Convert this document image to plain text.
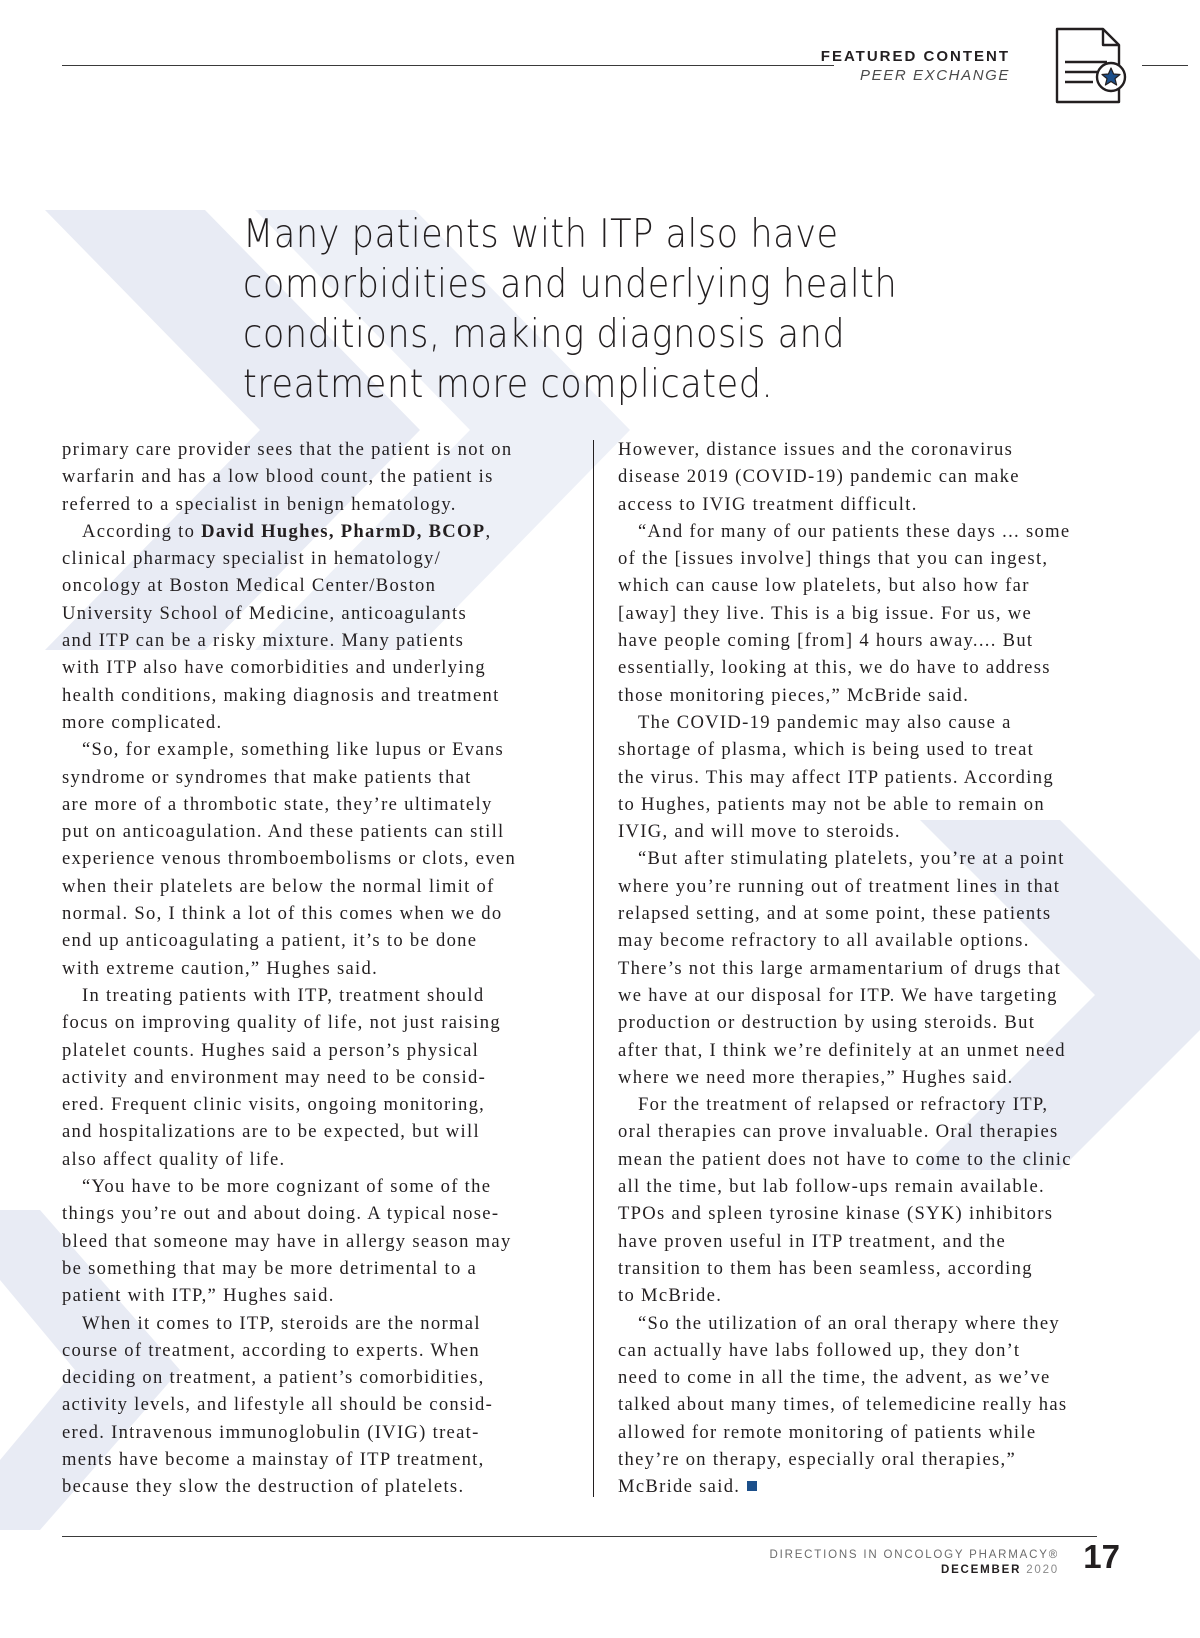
FEATURED CONTENT
PEER EXCHANGE
Many patients with ITP also have
comorbidities and underlying health
conditions, making diagnosis and
treatment more complicated.
primary care provider sees that the patient is not on
warfarin and has a low blood count, the patient is
referred to a specialist in benign hematology.
According to David Hughes, PharmD, BCOP,
clinical pharmacy specialist in hematology/
oncology at Boston Medical Center/Boston
University School of Medicine, anticoagulants
and ITP can be a risky mixture. Many patients
with ITP also have comorbidities and underlying
health conditions, making diagnosis and treatment
more complicated.
“So, for example, something like lupus or Evans
syndrome or syndromes that make patients that
are more of a thrombotic state, they’re ultimately
put on anticoagulation. And these patients can still
experience venous thromboembolisms or clots, even
when their platelets are below the normal limit of
normal. So, I think a lot of this comes when we do
end up anticoagulating a patient, it’s to be done
with extreme caution,” Hughes said.
In treating patients with ITP, treatment should
focus on improving quality of life, not just raising
platelet counts. Hughes said a person’s physical
activity and environment may need to be consid-
ered. Frequent clinic visits, ongoing monitoring,
and hospitalizations are to be expected, but will
also affect quality of life.
“You have to be more cognizant of some of the
things you’re out and about doing. A typical nose-
bleed that someone may have in allergy season may
be something that may be more detrimental to a
patient with ITP,” Hughes said.
When it comes to ITP, steroids are the normal
course of treatment, according to experts. When
deciding on treatment, a patient’s comorbidities,
activity levels, and lifestyle all should be consid-
ered. Intravenous immunoglobulin (IVIG) treat-
ments have become a mainstay of ITP treatment,
because they slow the destruction of platelets.
However, distance issues and the coronavirus
disease 2019 (COVID-19) pandemic can make
access to IVIG treatment difficult.
“And for many of our patients these days ... some
of the [issues involve] things that you can ingest,
which can cause low platelets, but also how far
[away] they live. This is a big issue. For us, we
have people coming [from] 4 hours away.... But
essentially, looking at this, we do have to address
those monitoring pieces,” McBride said.
The COVID-19 pandemic may also cause a
shortage of plasma, which is being used to treat
the virus. This may affect ITP patients. According
to Hughes, patients may not be able to remain on
IVIG, and will move to steroids.
“But after stimulating platelets, you’re at a point
where you’re running out of treatment lines in that
relapsed setting, and at some point, these patients
may become refractory to all available options.
There’s not this large armamentarium of drugs that
we have at our disposal for ITP. We have targeting
production or destruction by using steroids. But
after that, I think we’re definitely at an unmet need
where we need more therapies,” Hughes said.
For the treatment of relapsed or refractory ITP,
oral therapies can prove invaluable. Oral therapies
mean the patient does not have to come to the clinic
all the time, but lab follow-ups remain available.
TPOs and spleen tyrosine kinase (SYK) inhibitors
have proven useful in ITP treatment, and the
transition to them has been seamless, according
to McBride.
“So the utilization of an oral therapy where they
can actually have labs followed up, they don’t
need to come in all the time, the advent, as we’ve
talked about many times, of telemedicine really has
allowed for remote monitoring of patients while
they’re on therapy, especially oral therapies,”
McBride said.
DIRECTIONS IN ONCOLOGY PHARMACY®
DECEMBER 2020 17
